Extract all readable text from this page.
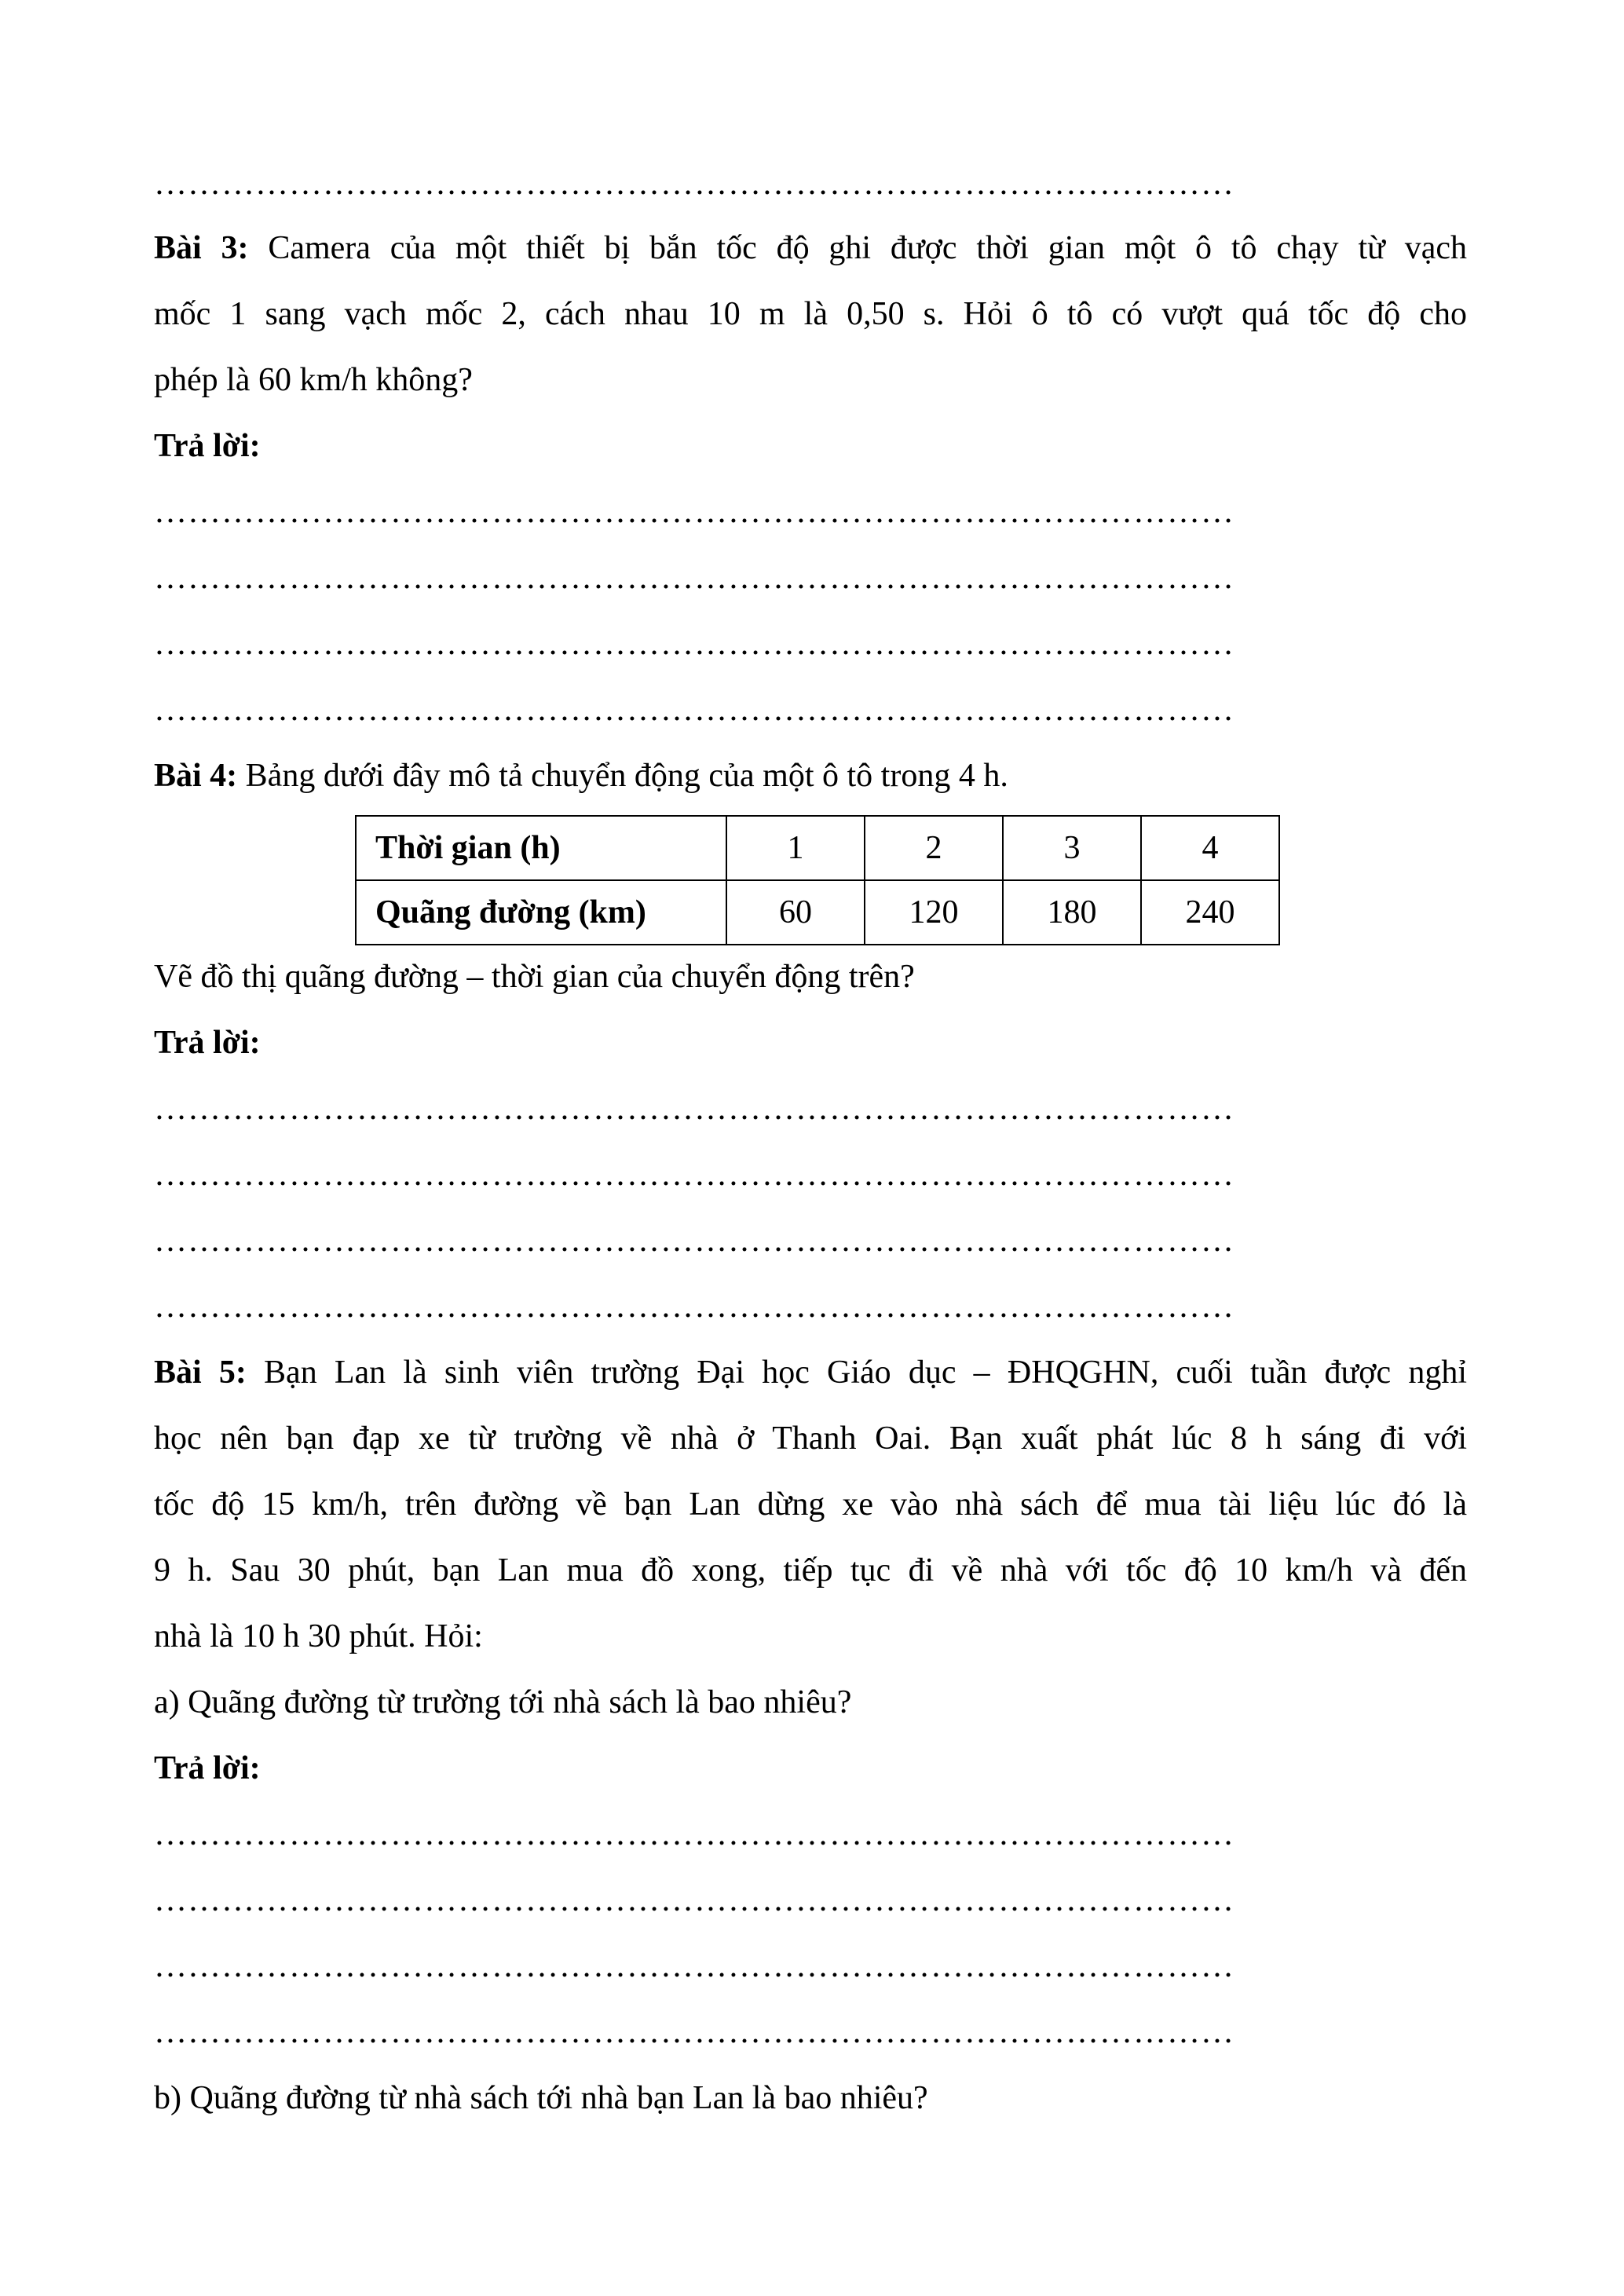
……………………………………………………………………………………
Bài 3: Camera của một thiết bị bắn tốc độ ghi được thời gian một ô tô chạy từ vạch
mốc 1 sang vạch mốc 2, cách nhau 10 m là 0,50 s. Hỏi ô tô có vượt quá tốc độ cho
phép là 60 km/h không?
Trả lời:
……………………………………………………………………………………
……………………………………………………………………………………
……………………………………………………………………………………
……………………………………………………………………………………
Bài 4: Bảng dưới đây mô tả chuyển động của một ô tô trong 4 h.
Thời gian (h)	1	2	3	4
Quãng đường (km)	60	120	180	240
Vẽ đồ thị quãng đường – thời gian của chuyển động trên?
Trả lời:
……………………………………………………………………………………
……………………………………………………………………………………
……………………………………………………………………………………
……………………………………………………………………………………
Bài 5: Bạn Lan là sinh viên trường Đại học Giáo dục – ĐHQGHN, cuối tuần được nghỉ
học nên bạn đạp xe từ trường về nhà ở Thanh Oai. Bạn xuất phát lúc 8 h sáng đi với
tốc độ 15 km/h, trên đường về bạn Lan dừng xe vào nhà sách để mua tài liệu lúc đó là
9 h. Sau 30 phút, bạn Lan mua đồ xong, tiếp tục đi về nhà với tốc độ 10 km/h và đến
nhà là 10 h 30 phút. Hỏi:
a) Quãng đường từ trường tới nhà sách là bao nhiêu?
Trả lời:
……………………………………………………………………………………
……………………………………………………………………………………
……………………………………………………………………………………
……………………………………………………………………………………
b) Quãng đường từ nhà sách tới nhà bạn Lan là bao nhiêu?
